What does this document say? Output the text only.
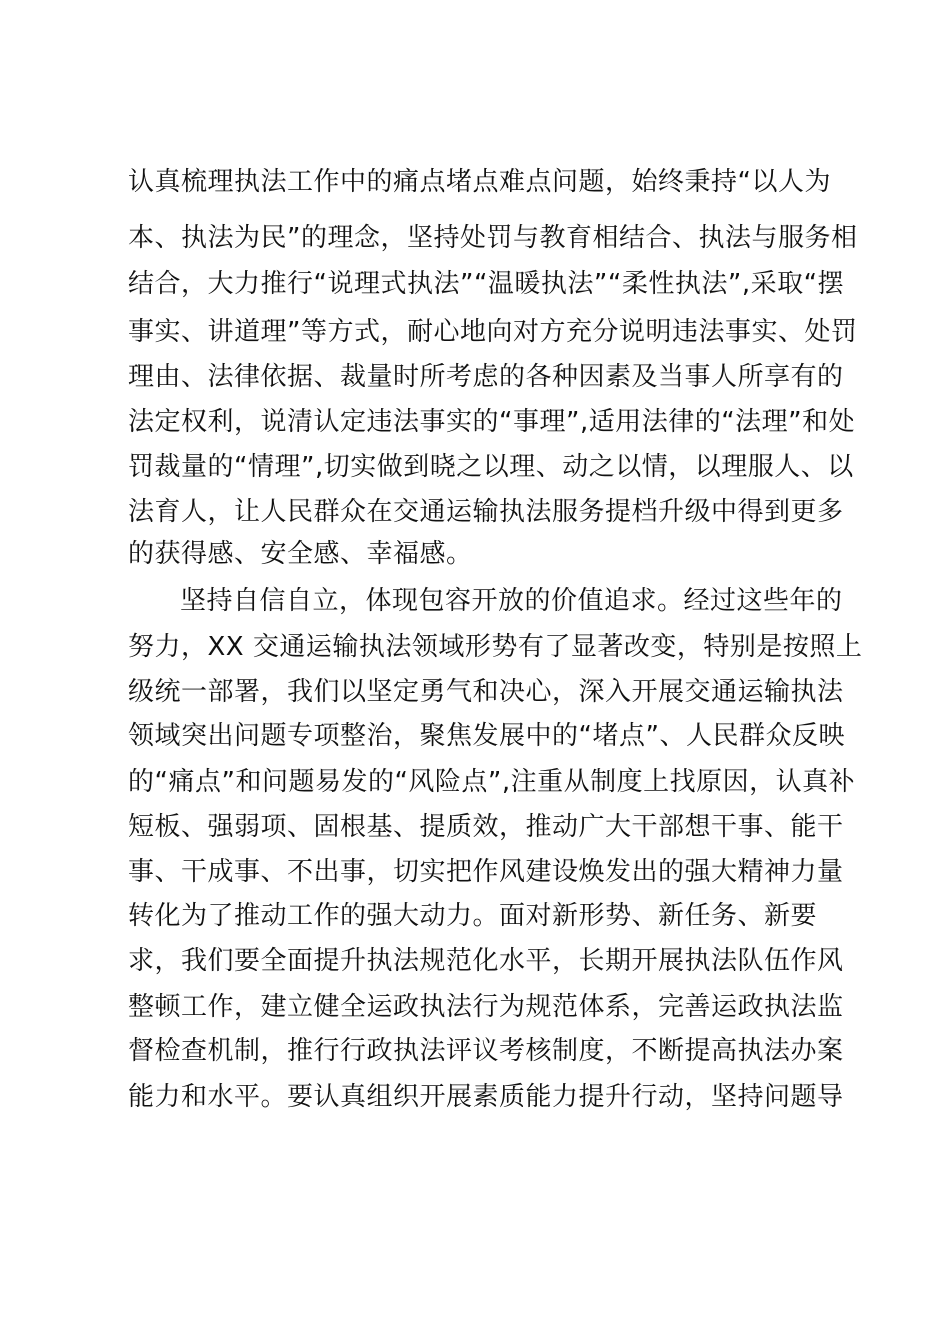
认真梳理执法工作中的痛点堵点难点问题，始终秉持“以人为
本、执法为民”的理念，坚持处罚与教育相结合、执法与服务相
结合，大力推行“说理式执法”“温暖执法”“柔性执法”,采取“摆
事实、讲道理”等方式，耐心地向对方充分说明违法事实、处罚
理由、法律依据、裁量时所考虑的各种因素及当事人所享有的
法定权利，说清认定违法事实的“事理”,适用法律的“法理”和处
罚裁量的“情理”,切实做到晓之以理、动之以情，以理服人、以
法育人，让人民群众在交通运输执法服务提档升级中得到更多
的获得感、安全感、幸福感。
坚持自信自立，体现包容开放的价值追求。经过这些年的
努力，XX 交通运输执法领域形势有了显著改变，特别是按照上
级统一部署，我们以坚定勇气和决心，深入开展交通运输执法
领域突出问题专项整治，聚焦发展中的“堵点”、人民群众反映
的“痛点”和问题易发的“风险点”,注重从制度上找原因，认真补
短板、强弱项、固根基、提质效，推动广大干部想干事、能干
事、干成事、不出事，切实把作风建设焕发出的强大精神力量
转化为了推动工作的强大动力。面对新形势、新任务、新要
求，我们要全面提升执法规范化水平，长期开展执法队伍作风
整顿工作，建立健全运政执法行为规范体系，完善运政执法监
督检查机制，推行行政执法评议考核制度，不断提高执法办案
能力和水平。要认真组织开展素质能力提升行动，坚持问题导
